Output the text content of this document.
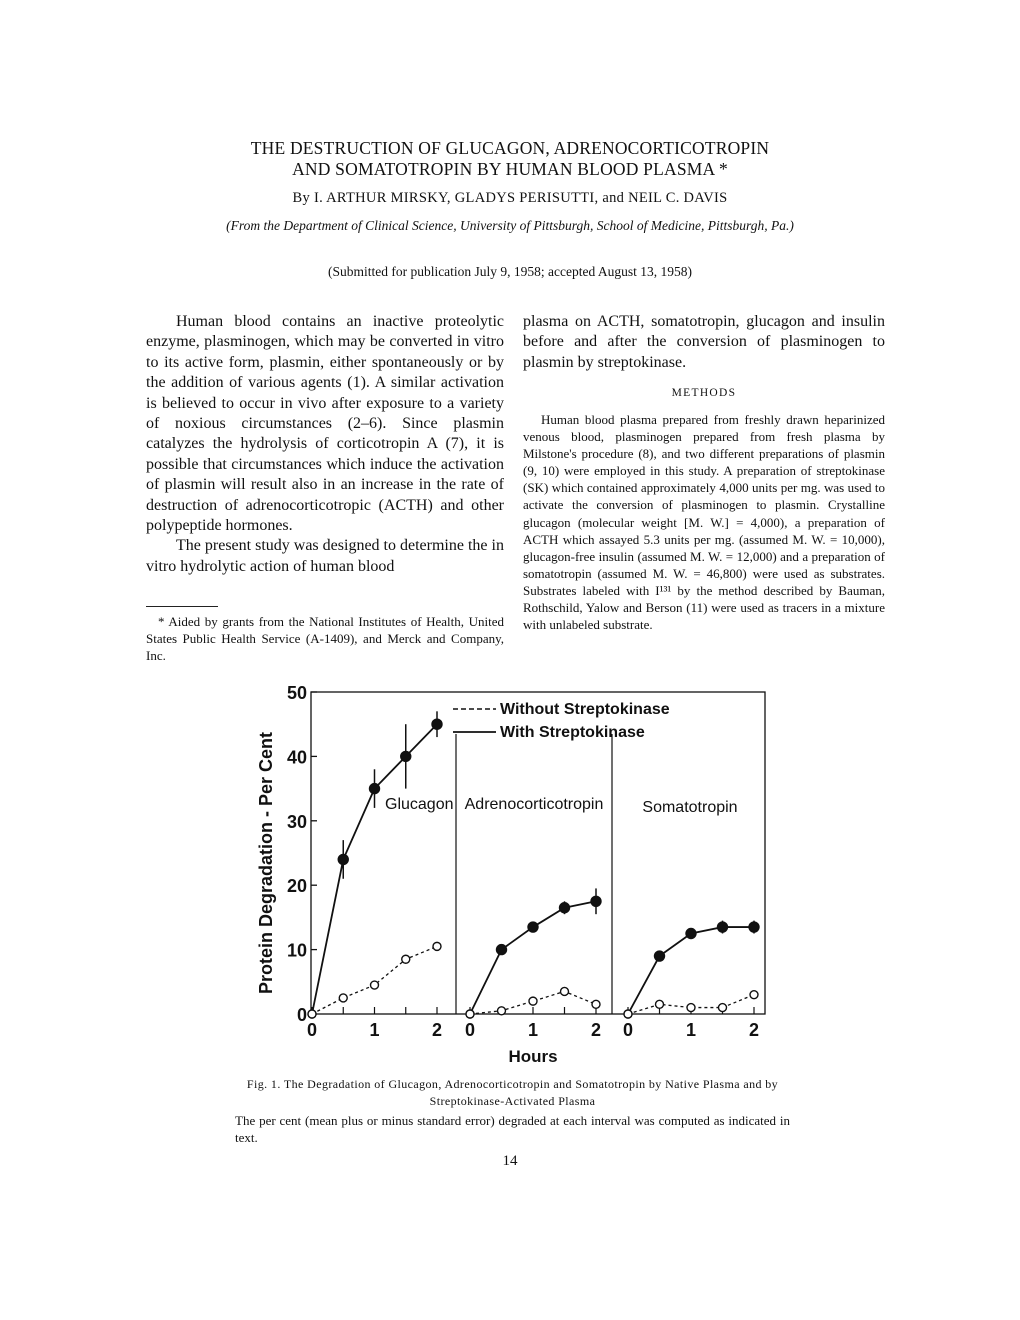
THE DESTRUCTION OF GLUCAGON, ADRENOCORTICOTROPIN
AND SOMATOTROPIN BY HUMAN BLOOD PLASMA *
By I. ARTHUR MIRSKY, GLADYS PERISUTTI, and NEIL C. DAVIS
(From the Department of Clinical Science, University of Pittsburgh, School of Medicine, Pittsburgh, Pa.)
(Submitted for publication July 9, 1958; accepted August 13, 1958)

Human blood contains an inactive proteolytic enzyme, plasminogen, which may be converted in vitro to its active form, plasmin, either spontaneously or by the addition of various agents (1). A similar activation is believed to occur in vivo after exposure to a variety of noxious circumstances (2–6). Since plasmin catalyzes the hydrolysis of corticotropin A (7), it is possible that circumstances which induce the activation of plasmin will result also in an increase in the rate of destruction of adrenocorticotropic (ACTH) and other polypeptide hormones.

The present study was designed to determine the in vitro hydrolytic action of human blood

* Aided by grants from the National Institutes of Health, United States Public Health Service (A-1409), and Merck and Company, Inc.

plasma on ACTH, somatotropin, glucagon and insulin before and after the conversion of plasminogen to plasmin by streptokinase.

METHODS

Human blood plasma prepared from freshly drawn heparinized venous blood, plasminogen prepared from fresh plasma by Milstone's procedure (8), and two different preparations of plasmin (9, 10) were employed in this study. A preparation of streptokinase (SK) which contained approximately 4,000 units per mg. was used to activate the conversion of plasminogen to plasmin. Crystalline glucagon (molecular weight [M. W.] = 4,000), a preparation of ACTH which assayed 5.3 units per mg. (assumed M. W. = 10,000), glucagon-free insulin (assumed M. W. = 12,000) and a preparation of somatotropin (assumed M. W. = 46,800) were used as substrates. Substrates labeled with I¹³¹ by the method described by Bauman, Rothschild, Yalow and Berson (11) were used as tracers in a mixture with unlabeled substrate.

0
10
20
30
40
50
Protein Degradation - Per Cent
0	1	2 0	1	2 0	1	2
Glucagon Adrenocorticotropin Somatotropin
Without Streptokinase
With Streptokinase
Hours
Fig. 1. The Degradation of Glucagon, Adrenocorticotropin and Somatotropin by Native Plasma and by Streptokinase-Activated Plasma
The per cent (mean plus or minus standard error) degraded at each interval was computed as indicated in text.
14
